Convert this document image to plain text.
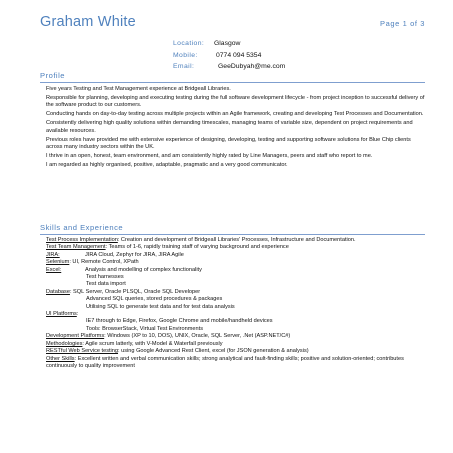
Graham White	Page 1 of 3
Location: Glasgow
Mobile:	0774 094 5354
Email:	GeeDubyah@me.com
Profile

Five years Testing and Test Management experience at Bridgeall Libraries.

Responsible for planning, developing and executing testing during the full software development lifecycle - from project inception to successful delivery of the software product to our customers.

Conducting hands on day-to-day testing across multiple projects within an Agile framework, creating and developing Test Processes and Documentation.

Consistently delivering high quality solutions within demanding timescales, managing teams of variable size, dependent on project requirements and available resources.

Previous roles have provided me with extensive experience of designing, developing, testing and supporting software solutions for Blue Chip clients across many industry sectors within the UK.

I thrive in an open, honest, team environment, and am consistently highly rated by Line Managers, peers and staff who report to me.

I am regarded as highly organised, positive, adaptable, pragmatic and a very good communicator.

Skills and Experience
Test Process Implementation: Creation and development of Bridgeall Libraries' Processes, Infrastructure and Documentation.
Test Team Management: Teams of 1-6, rapidly training staff of varying background and experience
JIRA:	JIRA Cloud, Zephyr for JIRA, JIRA Agile
Selenium: UI, Remote Control, XPath
Excel:	Analysis and modelling of complex functionality
Test harnesses
Test data import
Database: SQL Server, Oracle PLSQL, Oracle SQL Developer
Advanced SQL queries, stored procedures & packages
Utilising SQL to generate test data and for test data analysis
UI Platforms:
IE7 through to Edge, Firefox, Google Chrome and mobile/handheld devices
Tools: BrowserStack, Virtual Test Environments
Development Platforms: Windows (XP to 10, DOS), UNIX, Oracle, SQL Server, .Net (ASP.NET/C#)
Methodologies: Agile scrum latterly, with V-Model & Waterfall previously
RESTful Web Service testing: using Google Advanced Rest Client, excel (for JSON generation & analysis)
Other Skills: Excellent written and verbal communication skills; strong analytical and fault-finding skills; positive and solution-oriented; contributes continuously to quality improvement
